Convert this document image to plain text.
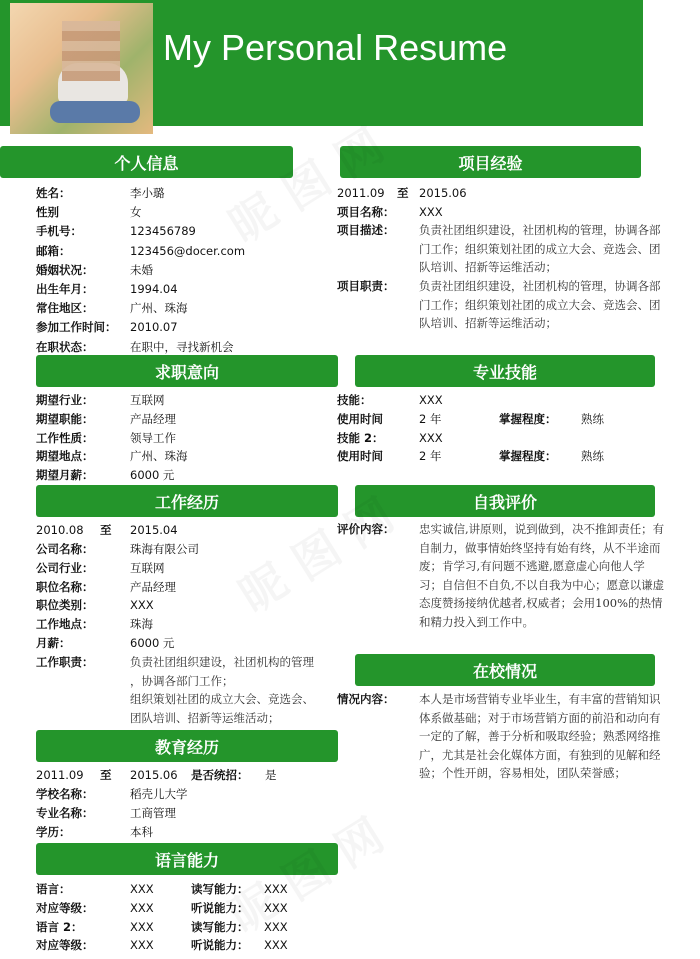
My Personal Resume
个人信息	项目经验
求职意向	专业技能
工作经历	自我评价
教育经历
在校情况
语言能力
姓名：	李小璐
性别	女
手机号：	123456789
邮箱：	123456@docer.com
婚姻状况：	未婚
出生年月：	1994.04
常住地区：	广州、珠海
参加工作时间： 2010.07
在职状态：	在职中，寻找新机会
2011.09 至 2015.06
项目名称： XXX
项目描述： 负责社团组织建设，社团机构的管理，协调各部门工作；组织策划社团的成立大会、竞选会、团队培训、招新等运维活动；
项目职责： 负责社团组织建设，社团机构的管理，协调各部门工作；组织策划社团的成立大会、竞选会、团队培训、招新等运维活动；
期望行业：	互联网
期望职能：	产品经理
工作性质：	领导工作
期望地点：	广州、珠海
期望月薪：	6000 元
技能：	XXX
使用时间	2 年	掌握程度： 熟练
技能 2：	XXX
使用时间	2 年	掌握程度： 熟练
2010.08 至 2015.04
公司名称：	珠海有限公司
公司行业：	互联网
职位名称：	产品经理
职位类别：	XXX
工作地点：	珠海
月薪：	6000 元
工作职责：	负责社团组织建设，社团机构的管理
，协调各部门工作；
组织策划社团的成立大会、竞选会、
团队培训、招新等运维活动；
评价内容： 忠实诚信,讲原则，说到做到，决不推卸责任；有自制力，做事情始终坚持有始有终，从不半途而废；肯学习,有问题不逃避,愿意虚心向他人学习；自信但不自负,不以自我为中心；愿意以谦虚态度赞扬接纳优越者,权威者；会用100%的热情和精力投入到工作中。
2011.09 至 2015.06 是否统招： 是
学校名称：	稻壳儿大学
专业名称：	工商管理
学历：	本科
情况内容： 本人是市场营销专业毕业生，有丰富的营销知识体系做基础；对于市场营销方面的前沿和动向有一定的了解，善于分析和吸取经验；熟悉网络推广，尤其是社会化媒体方面，有独到的见解和经验；个性开朗，容易相处，团队荣誉感；
语言：	XXX	读写能力： XXX
对应等级：	XXX	听说能力： XXX
语言 2：	XXX	读写能力： XXX
对应等级：	XXX	听说能力： XXX
